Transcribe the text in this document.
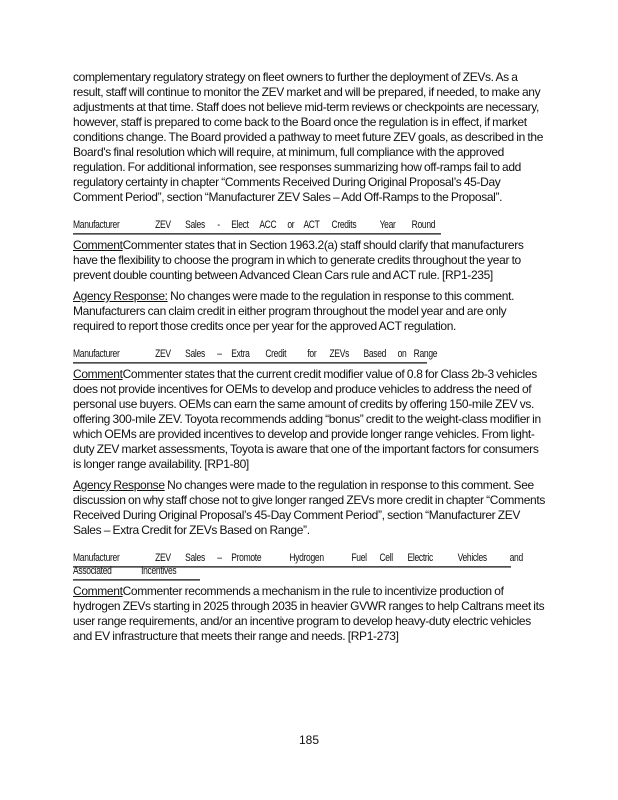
complementary regulatory strategy on fleet owners to further the deployment of ZEVs. As a result, staff will continue to monitor the ZEV market and will be prepared, if needed, to make any adjustments at that time. Staff does not believe mid-term reviews or checkpoints are necessary, however, staff is prepared to come back to the Board once the regulation is in effect, if market conditions change. The Board provided a pathway to meet future ZEV goals, as described in the Board's final resolution which will require, at minimum, full compliance with the approved regulation. For additional information, see responses summarizing how off-ramps fail to add regulatory certainty in chapter “Comments Received During Original Proposal’s 45-Day Comment Period”, section “Manufacturer ZEV Sales – Add Off-Ramps to the Proposal”.

Manufacturer	ZEV Sales - Elect ACC or ACT Credits	Year Round

CommentCommenter states that in Section 1963.2(a) staff should clarify that manufacturers have the flexibility to choose the program in which to generate credits throughout the year to prevent double counting between Advanced Clean Cars rule and ACT rule. [RP1-235]

Agency Response: No changes were made to the regulation in response to this comment. Manufacturers can claim credit in either program throughout the model year and are only required to report those credits once per year for the approved ACT regulation.

Manufacturer	ZEV Sales – Extra Credit for ZEVs Based on Range

CommentCommenter states that the current credit modifier value of 0.8 for Class 2b-3 vehicles does not provide incentives for OEMs to develop and produce vehicles to address the need of personal use buyers. OEMs can earn the same amount of credits by offering 150-mile ZEV vs. offering 300-mile ZEV. Toyota recommends adding “bonus” credit to the weight-class modifier in which OEMs are provided incentives to develop and provide longer range vehicles. From light-duty ZEV market assessments, Toyota is aware that one of the important factors for consumers is longer range availability. [RP1-80]

Agency Response No changes were made to the regulation in response to this comment. See discussion on why staff chose not to give longer ranged ZEVs more credit in chapter “Comments Received During Original Proposal’s 45-Day Comment Period”, section “Manufacturer ZEV Sales – Extra Credit for ZEVs Based on Range”.

Manufacturer	ZEV Sales – Promote	Hydrogen	Fuel Cell Electric	Vehicles	and
Associated	Incentives

CommentCommenter recommends a mechanism in the rule to incentivize production of hydrogen ZEVs starting in 2025 through 2035 in heavier GVWR ranges to help Caltrans meet its user range requirements, and/or an incentive program to develop heavy-duty electric vehicles and EV infrastructure that meets their range and needs. [RP1-273]

185
